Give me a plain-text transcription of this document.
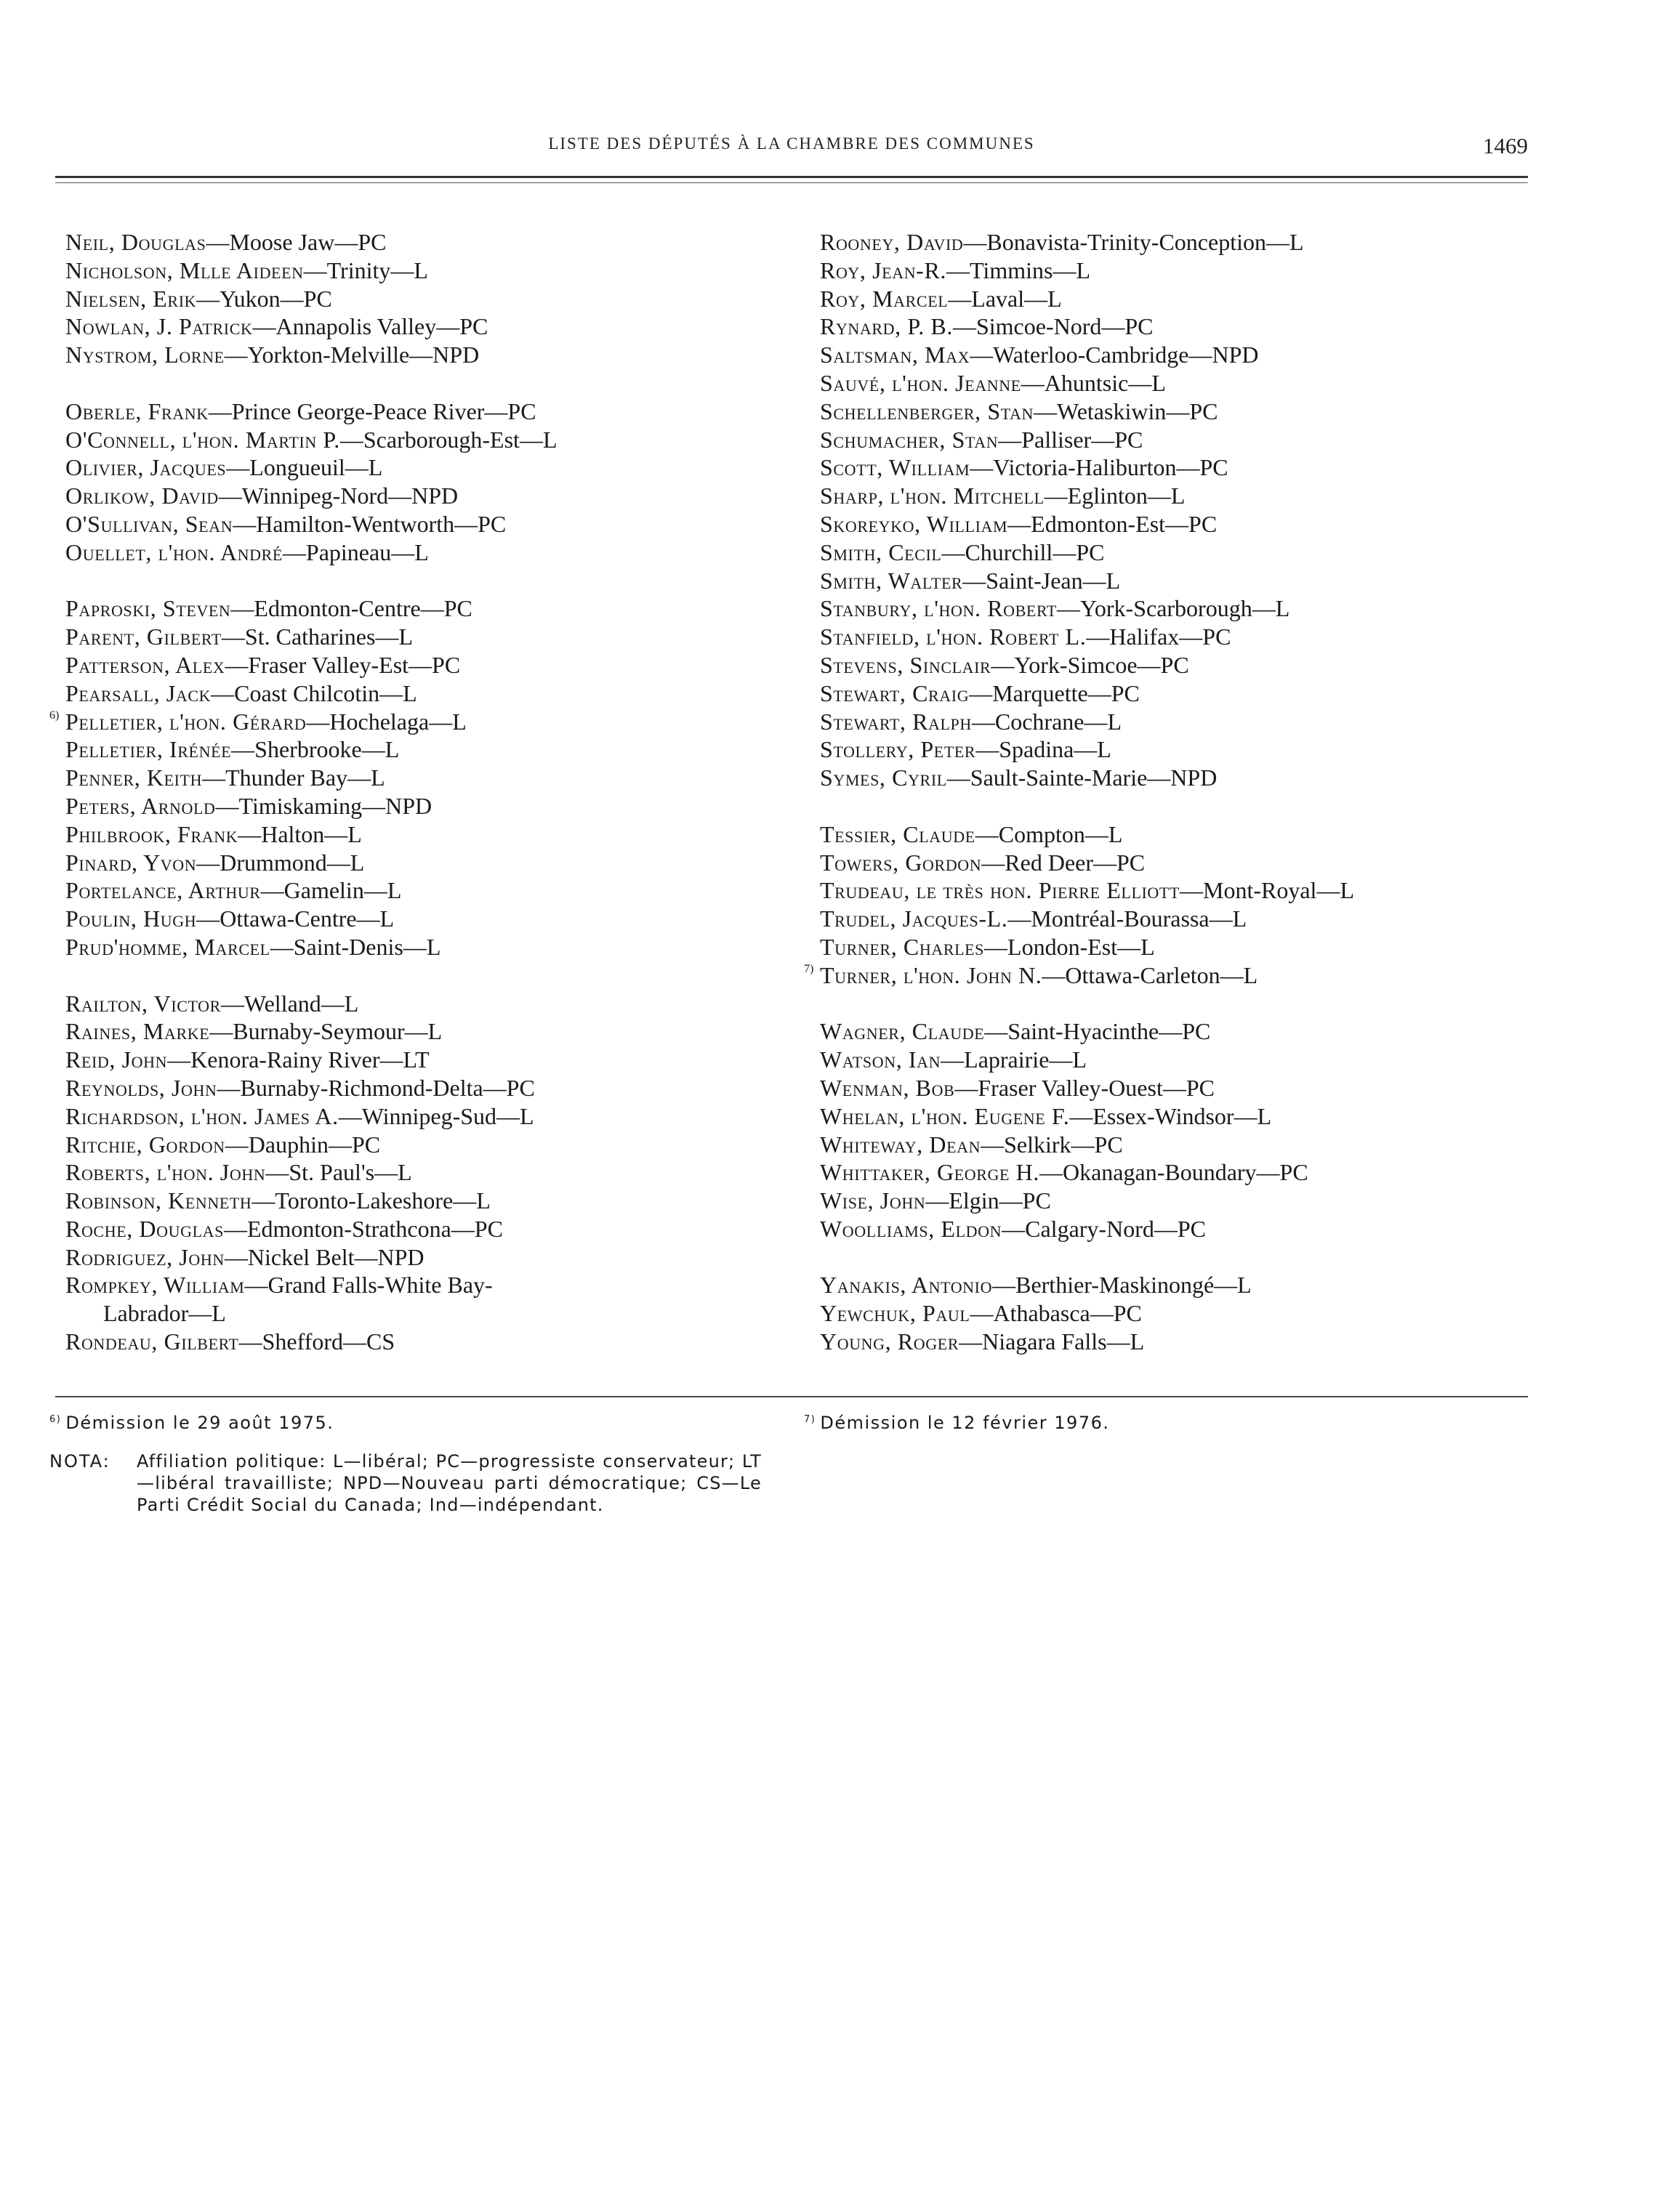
LISTE DES DÉPUTÉS À LA CHAMBRE DES COMMUNES	1469
Neil, Douglas—Moose Jaw—PC
Nicholson, Mlle Aideen—Trinity—L
Nielsen, Erik—Yukon—PC
Nowlan, J. Patrick—Annapolis Valley—PC
Nystrom, Lorne—Yorkton-Melville—NPD
Oberle, Frank—Prince George-Peace River—PC
O'Connell, l'hon. Martin P.—Scarborough-Est—L
Olivier, Jacques—Longueuil—L
Orlikow, David—Winnipeg-Nord—NPD
O'Sullivan, Sean—Hamilton-Wentworth—PC
Ouellet, l'hon. André—Papineau—L
Paproski, Steven—Edmonton-Centre—PC
Parent, Gilbert—St. Catharines—L
Patterson, Alex—Fraser Valley-Est—PC
Pearsall, Jack—Coast Chilcotin—L
6) Pelletier, l'hon. Gérard—Hochelaga—L
Pelletier, Irénée—Sherbrooke—L
Penner, Keith—Thunder Bay—L
Peters, Arnold—Timiskaming—NPD
Philbrook, Frank—Halton—L
Pinard, Yvon—Drummond—L
Portelance, Arthur—Gamelin—L
Poulin, Hugh—Ottawa-Centre—L
Prud'homme, Marcel—Saint-Denis—L
Railton, Victor—Welland—L
Raines, Marke—Burnaby-Seymour—L
Reid, John—Kenora-Rainy River—LT
Reynolds, John—Burnaby-Richmond-Delta—PC
Richardson, l'hon. James A.—Winnipeg-Sud—L
Ritchie, Gordon—Dauphin—PC
Roberts, l'hon. John—St. Paul's—L
Robinson, Kenneth—Toronto-Lakeshore—L
Roche, Douglas—Edmonton-Strathcona—PC
Rodriguez, John—Nickel Belt—NPD
Rompkey, William—Grand Falls-White Bay-
Labrador—L
Rondeau, Gilbert—Shefford—CS
Rooney, David—Bonavista-Trinity-Conception—L
Roy, Jean-R.—Timmins—L
Roy, Marcel—Laval—L
Rynard, P. B.—Simcoe-Nord—PC
Saltsman, Max—Waterloo-Cambridge—NPD
Sauvé, l'hon. Jeanne—Ahuntsic—L
Schellenberger, Stan—Wetaskiwin—PC
Schumacher, Stan—Palliser—PC
Scott, William—Victoria-Haliburton—PC
Sharp, l'hon. Mitchell—Eglinton—L
Skoreyko, William—Edmonton-Est—PC
Smith, Cecil—Churchill—PC
Smith, Walter—Saint-Jean—L
Stanbury, l'hon. Robert—York-Scarborough—L
Stanfield, l'hon. Robert L.—Halifax—PC
Stevens, Sinclair—York-Simcoe—PC
Stewart, Craig—Marquette—PC
Stewart, Ralph—Cochrane—L
Stollery, Peter—Spadina—L
Symes, Cyril—Sault-Sainte-Marie—NPD
Tessier, Claude—Compton—L
Towers, Gordon—Red Deer—PC
Trudeau, le très hon. Pierre Elliott—Mont-Royal—L
Trudel, Jacques-L.—Montréal-Bourassa—L
Turner, Charles—London-Est—L
7) Turner, l'hon. John N.—Ottawa-Carleton—L
Wagner, Claude—Saint-Hyacinthe—PC
Watson, Ian—Laprairie—L
Wenman, Bob—Fraser Valley-Ouest—PC
Whelan, l'hon. Eugene F.—Essex-Windsor—L
Whiteway, Dean—Selkirk—PC
Whittaker, George H.—Okanagan-Boundary—PC
Wise, John—Elgin—PC
Woolliams, Eldon—Calgary-Nord—PC
Yanakis, Antonio—Berthier-Maskinongé—L
Yewchuk, Paul—Athabasca—PC
Young, Roger—Niagara Falls—L
$^{6)}$ Démission le 29 août 1975.	$^{7)}$ Démission le 12 février 1976.
NOTA: Affiliation politique: L—libéral; PC—progressiste conservateur; LT—libéral travailliste; NPD—Nouveau parti démocratique; CS—Le Parti Crédit Social du Canada; Ind—indépendant.
